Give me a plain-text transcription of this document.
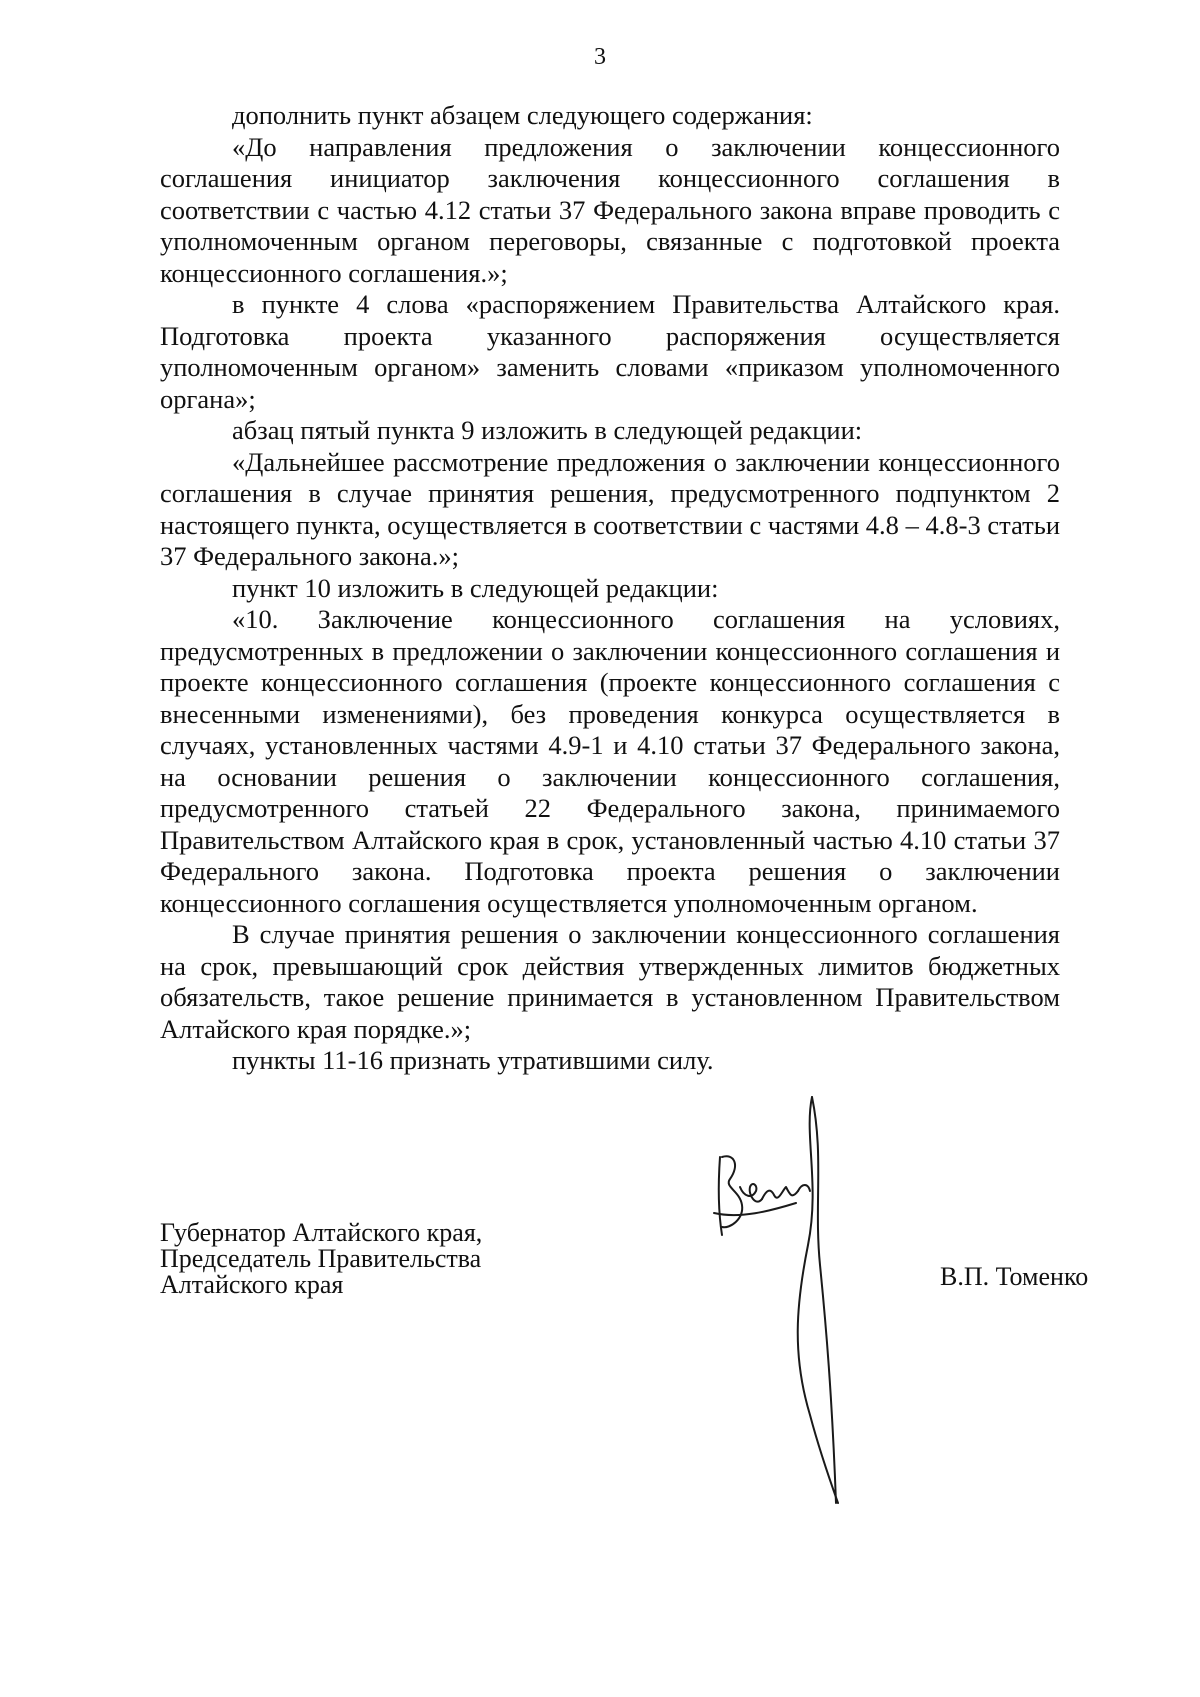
3

дополнить пункт абзацем следующего содержания:

«До направления предложения о заключении концессионного соглашения инициатор заключения концессионного соглашения в соответствии с частью 4.12 статьи 37 Федерального закона вправе проводить с уполномоченным органом переговоры, связанные с подготовкой проекта концессионного соглашения.»;

в пункте 4 слова «распоряжением Правительства Алтайского края. Подготовка проекта указанного распоряжения осуществляется уполномоченным органом» заменить словами «приказом уполномоченного органа»;

абзац пятый пункта 9 изложить в следующей редакции:

«Дальнейшее рассмотрение предложения о заключении концессионного соглашения в случае принятия решения, предусмотренного подпунктом 2 настоящего пункта, осуществляется в соответствии с частями 4.8 – 4.8-3 статьи 37 Федерального закона.»;

пункт 10 изложить в следующей редакции:

«10. Заключение концессионного соглашения на условиях, предусмотренных в предложении о заключении концессионного соглашения и проекте концессионного соглашения (проекте концессионного соглашения с внесенными изменениями), без проведения конкурса осуществляется в случаях, установленных частями 4.9-1 и 4.10 статьи 37 Федерального закона, на основании решения о заключении концессионного соглашения, предусмотренного статьей 22 Федерального закона, принимаемого Правительством Алтайского края в срок, установленный частью 4.10 статьи 37 Федерального закона. Подготовка проекта решения о заключении концессионного соглашения осуществляется уполномоченным органом.

В случае принятия решения о заключении концессионного соглашения на срок, превышающий срок действия утвержденных лимитов бюджетных обязательств, такое решение принимается в установленном Правительством Алтайского края порядке.»;

пункты 11-16 признать утратившими силу.

Губернатор Алтайского края,
Председатель Правительства
Алтайского края	В.П. Томенко
